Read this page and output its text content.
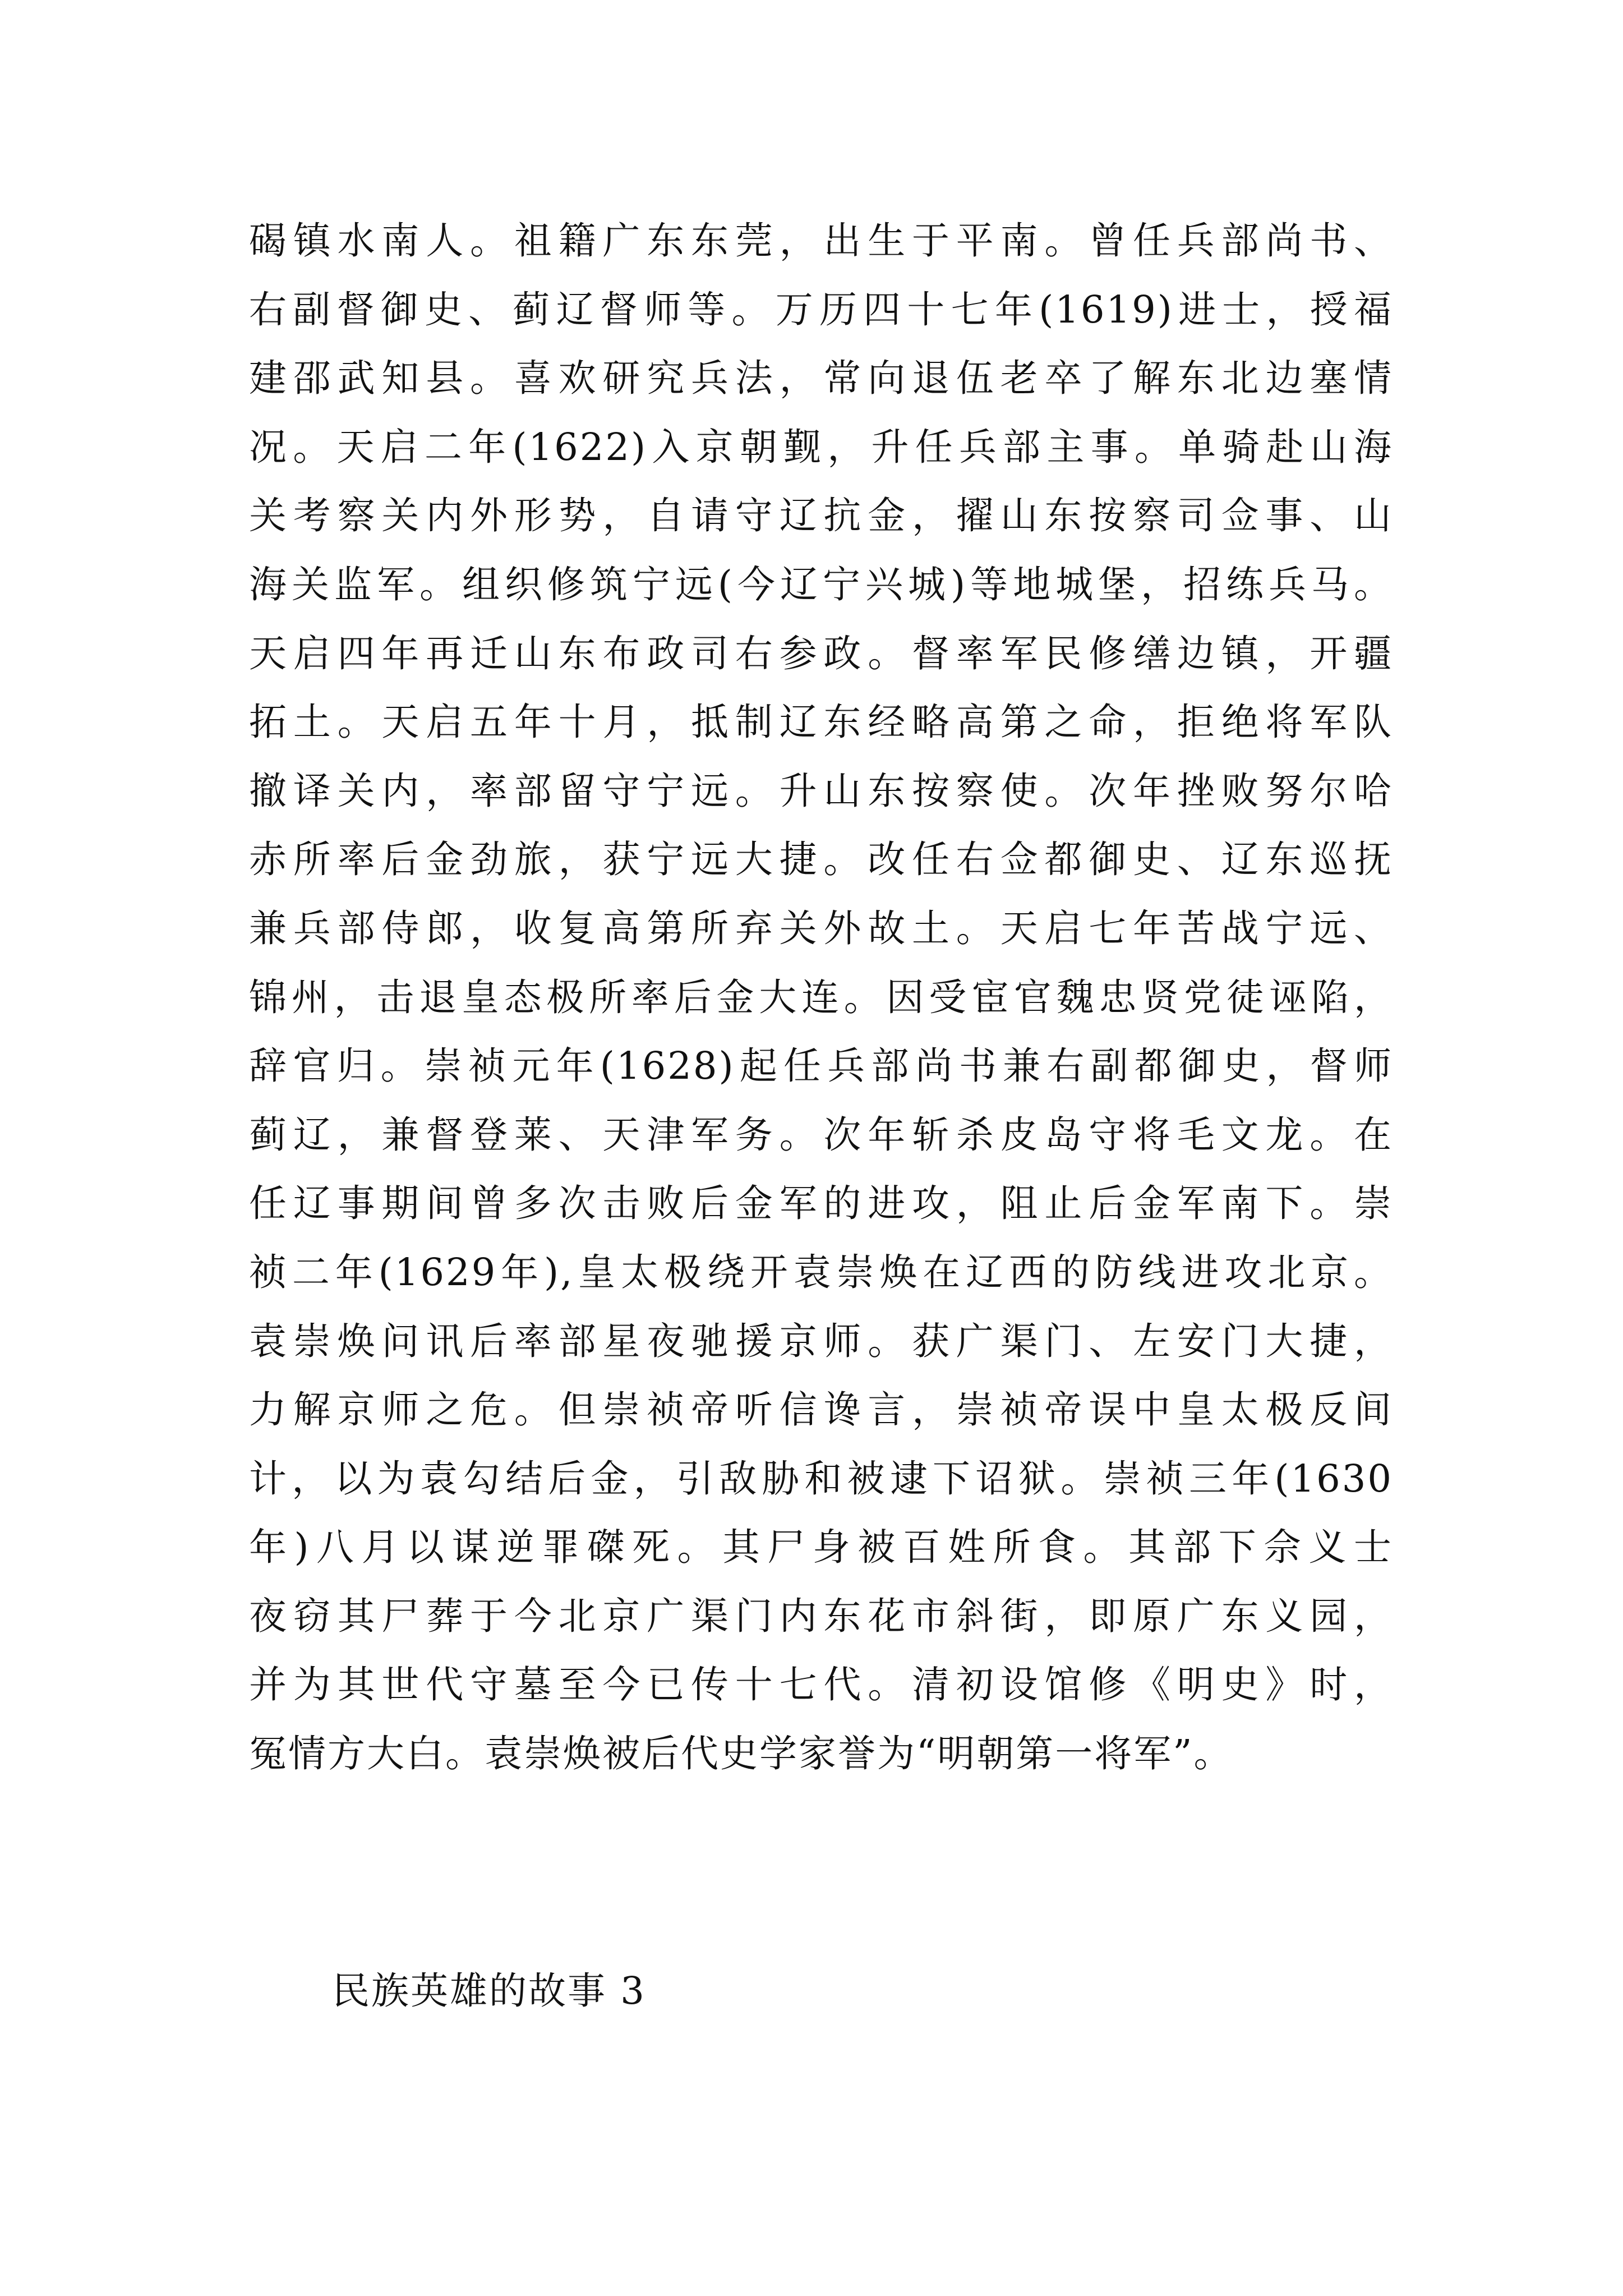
碣镇水南人。祖籍广东东莞，出生于平南。曾任兵部尚书、
右副督御史、蓟辽督师等。万历四十七年(1619)进士，授福
建邵武知县。喜欢研究兵法，常向退伍老卒了解东北边塞情
况。天启二年(1622)入京朝觐，升任兵部主事。单骑赴山海
关考察关内外形势，自请守辽抗金，擢山东按察司佥事、山
海关监军。组织修筑宁远(今辽宁兴城)等地城堡，招练兵马。
天启四年再迁山东布政司右参政。督率军民修缮边镇，开疆
拓土。天启五年十月，抵制辽东经略高第之命，拒绝将军队
撤译关内，率部留守宁远。升山东按察使。次年挫败努尔哈
赤所率后金劲旅，获宁远大捷。改任右佥都御史、辽东巡抚
兼兵部侍郎，收复高第所弃关外故土。天启七年苦战宁远、
锦州，击退皇态极所率后金大连。因受宦官魏忠贤党徒诬陷，
辞官归。崇祯元年(1628)起任兵部尚书兼右副都御史，督师
蓟辽，兼督登莱、天津军务。次年斩杀皮岛守将毛文龙。在
任辽事期间曾多次击败后金军的进攻，阻止后金军南下。崇
祯二年(1629年),皇太极绕开袁崇焕在辽西的防线进攻北京。
袁崇焕问讯后率部星夜驰援京师。获广渠门、左安门大捷，
力解京师之危。但崇祯帝听信谗言，崇祯帝误中皇太极反间
计，以为袁勾结后金，引敌胁和被逮下诏狱。崇祯三年(1630
年)八月以谋逆罪磔死。其尸身被百姓所食。其部下佘义士
夜窃其尸葬于今北京广渠门内东花市斜街，即原广东义园，
并为其世代守墓至今已传十七代。清初设馆修《明史》时，
冤情方大白。袁崇焕被后代史学家誉为“明朝第一将军”。
民族英雄的故事 3
